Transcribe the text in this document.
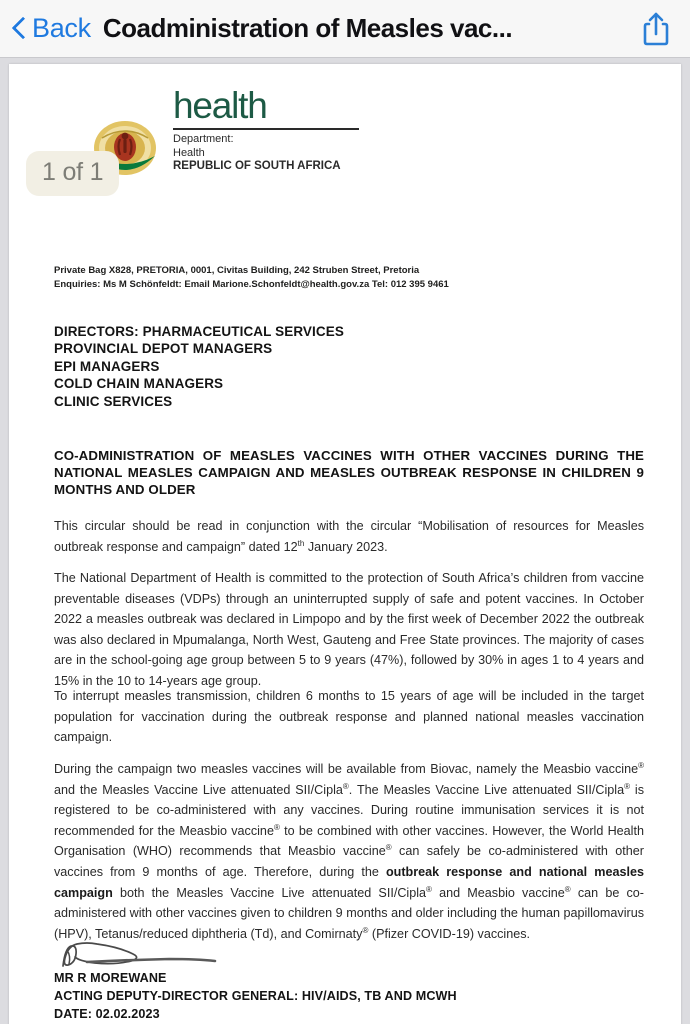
Back Coadministration of Measles vac...
✦
health
Department:
Health
REPUBLIC OF SOUTH AFRICA
Private Bag X828, PRETORIA, 0001, Civitas Building, 242 Struben Street, Pretoria
Enquiries: Ms M Schönfeldt: Email Marione.Schonfeldt@health.gov.za Tel: 012 395 9461
DIRECTORS: PHARMACEUTICAL SERVICES
PROVINCIAL DEPOT MANAGERS
EPI MANAGERS
COLD CHAIN MANAGERS
CLINIC SERVICES
CO-ADMINISTRATION OF MEASLES VACCINES WITH OTHER VACCINES DURING THE NATIONAL MEASLES CAMPAIGN AND MEASLES OUTBREAK RESPONSE IN CHILDREN 9 MONTHS AND OLDER
This circular should be read in conjunction with the circular “Mobilisation of resources for Measles outbreak response and campaign” dated 12th January 2023.
The National Department of Health is committed to the protection of South Africa’s children from vaccine preventable diseases (VDPs) through an uninterrupted supply of safe and potent vaccines. In October 2022 a measles outbreak was declared in Limpopo and by the first week of December 2022 the outbreak was also declared in Mpumalanga, North West, Gauteng and Free State provinces. The majority of cases are in the school-going age group between 5 to 9 years (47%), followed by 30% in ages 1 to 4 years and 15% in the 10 to 14-years age group.
To interrupt measles transmission, children 6 months to 15 years of age will be included in the target population for vaccination during the outbreak response and planned national measles vaccination campaign.
During the campaign two measles vaccines will be available from Biovac, namely the Measbio vaccine® and the Measles Vaccine Live attenuated SII/Cipla®. The Measles Vaccine Live attenuated SII/Cipla® is registered to be co-administered with any vaccines. During routine immunisation services it is not recommended for the Measbio vaccine® to be combined with other vaccines. However, the World Health Organisation (WHO) recommends that Measbio vaccine® can safely be co-administered with other vaccines from 9 months of age. Therefore, during the outbreak response and national measles campaign both the Measles Vaccine Live attenuated SII/Cipla® and Measbio vaccine® can be co-administered with other vaccines given to children 9 months and older including the human papillomavirus (HPV), Tetanus/reduced diphtheria (Td), and Comirnaty® (Pfizer COVID-19) vaccines.
MR R MOREWANE
ACTING DEPUTY-DIRECTOR GENERAL: HIV/AIDS, TB AND MCWH
DATE: 02.02.2023
1 of 1
